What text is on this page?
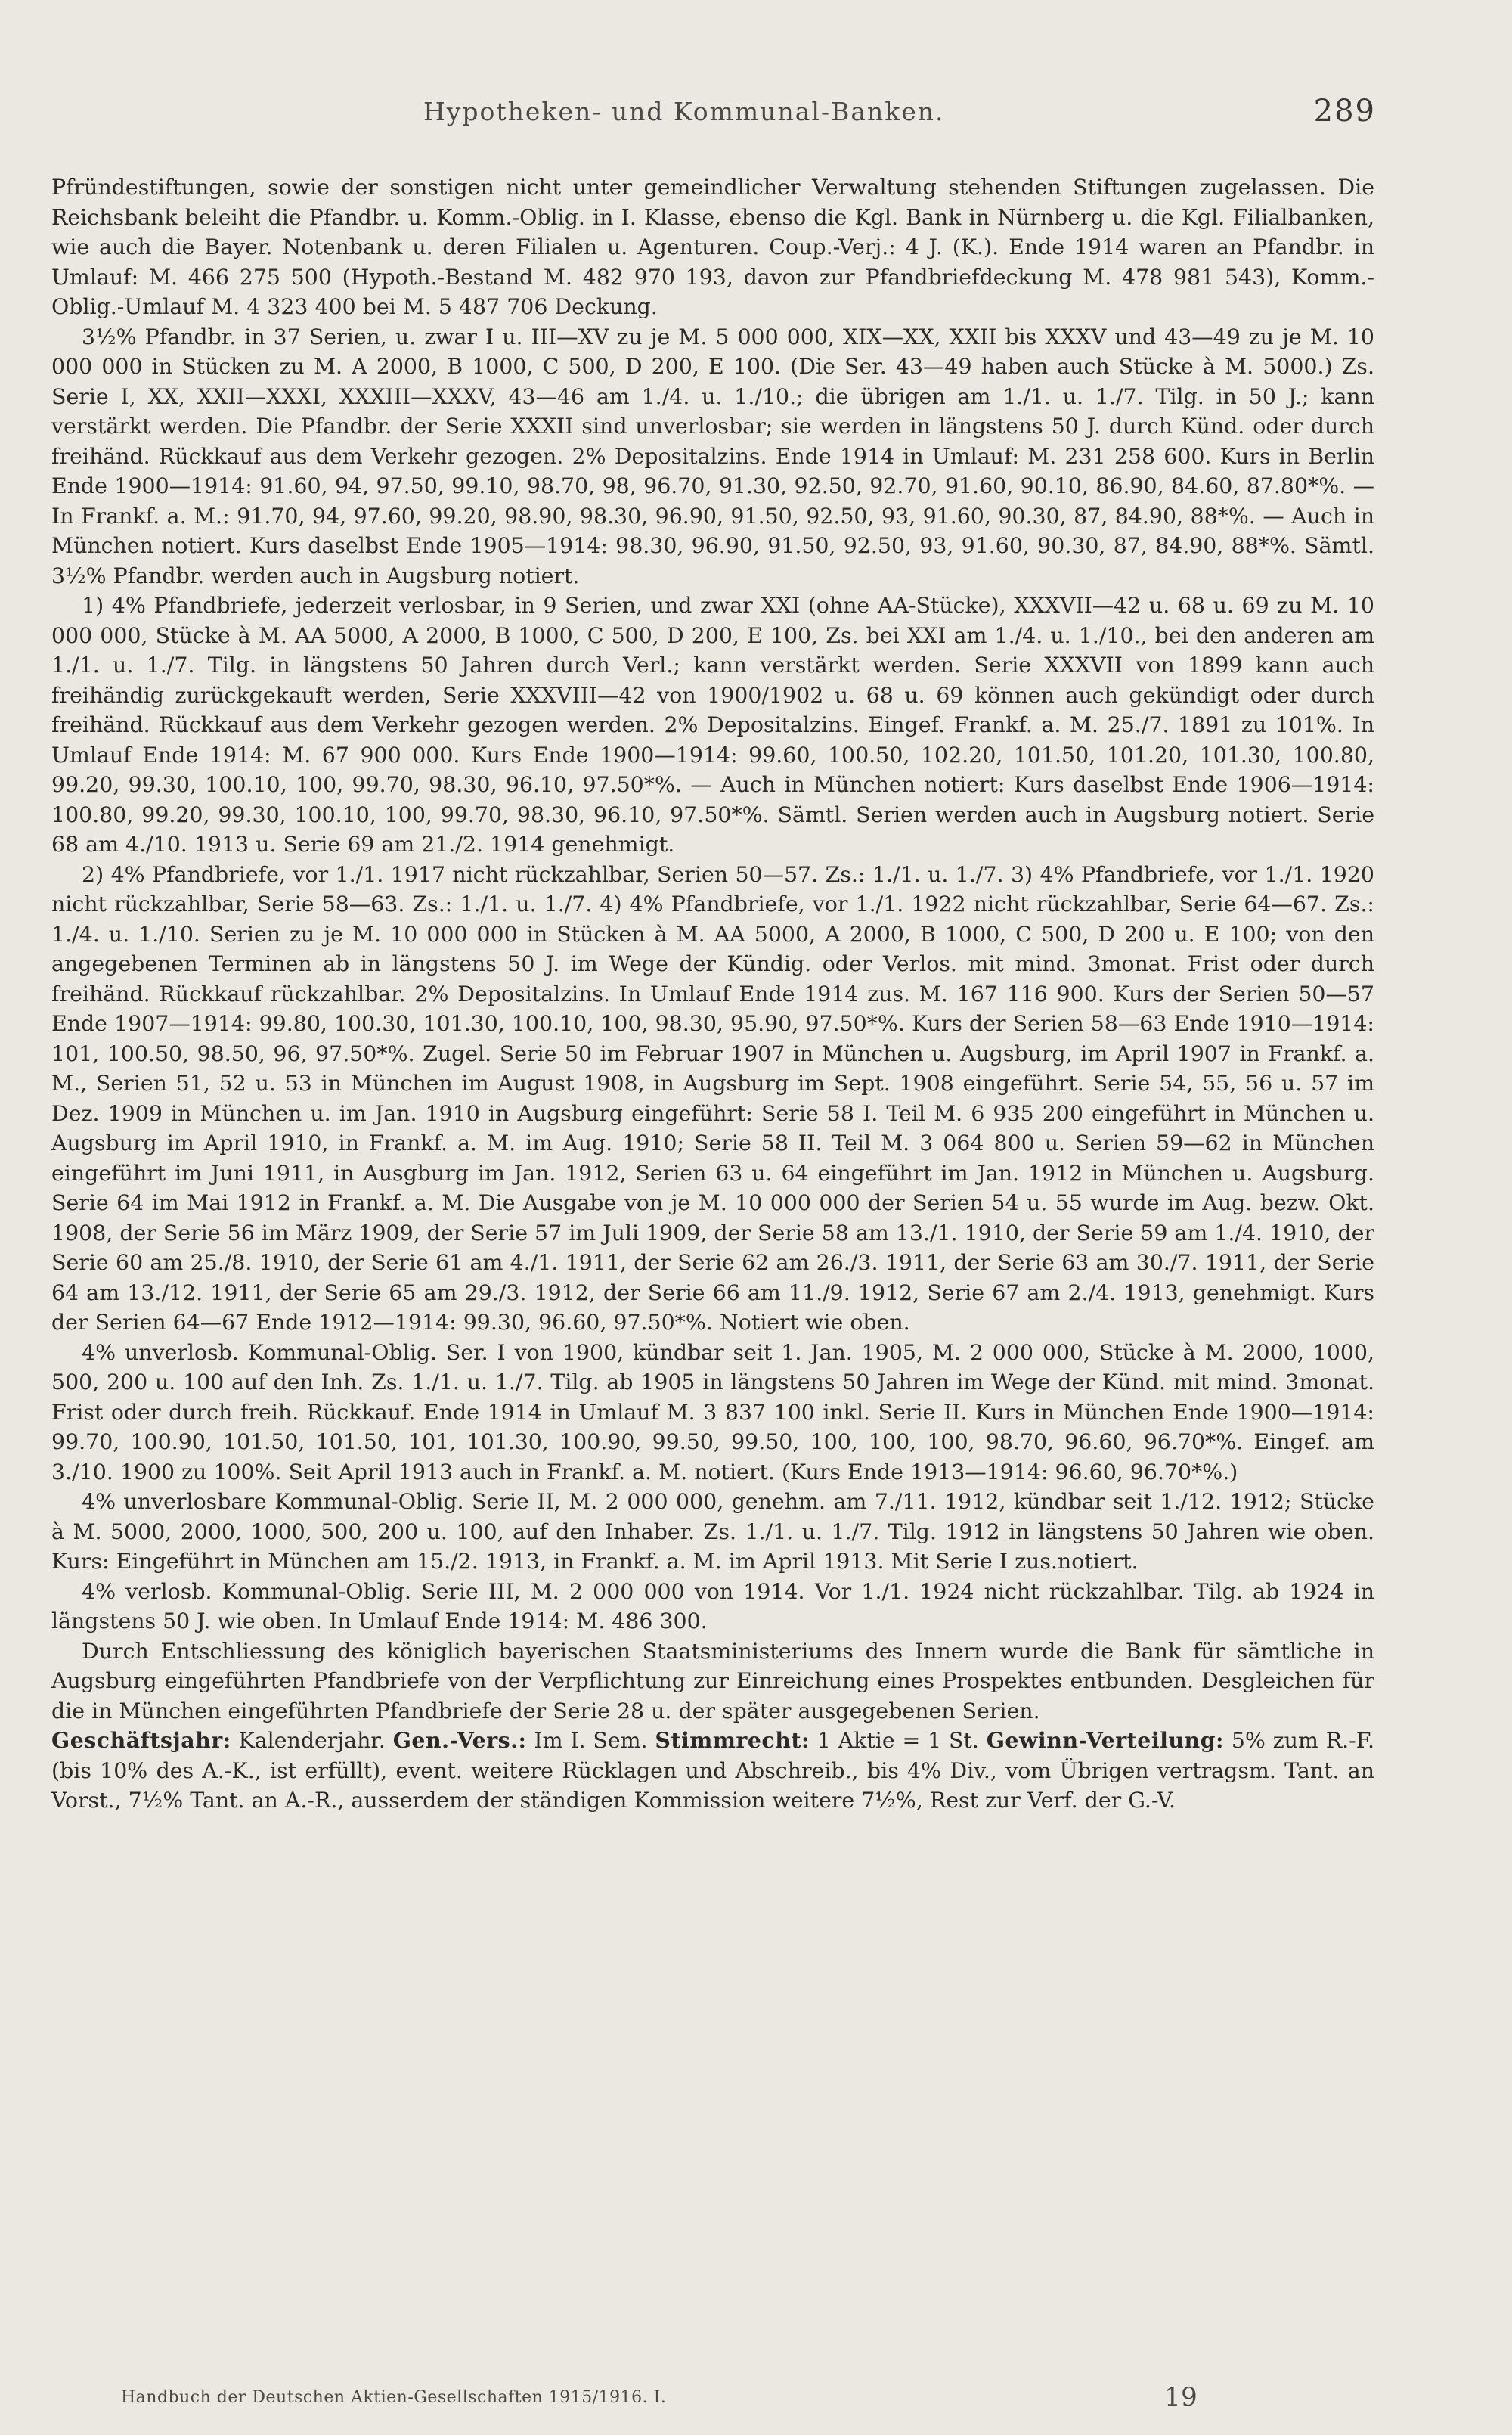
Hypotheken- und Kommunal-Banken.	289

Pfründestiftungen, sowie der sonstigen nicht unter gemeindlicher Verwaltung stehenden Stiftungen zugelassen. Die Reichsbank beleiht die Pfandbr. u. Komm.-Oblig. in I. Klasse, ebenso die Kgl. Bank in Nürnberg u. die Kgl. Filialbanken, wie auch die Bayer. Notenbank u. deren Filialen u. Agenturen. Coup.-Verj.: 4 J. (K.). Ende 1914 waren an Pfandbr. in Umlauf: M. 466 275 500 (Hypoth.-Bestand M. 482 970 193, davon zur Pfandbriefdeckung M. 478 981 543), Komm.-Oblig.-Umlauf M. 4 323 400 bei M. 5 487 706 Deckung.

3½% Pfandbr. in 37 Serien, u. zwar I u. III—XV zu je M. 5 000 000, XIX—XX, XXII bis XXXV und 43—49 zu je M. 10 000 000 in Stücken zu M. A 2000, B 1000, C 500, D 200, E 100. (Die Ser. 43—49 haben auch Stücke à M. 5000.) Zs. Serie I, XX, XXII—XXXI, XXXIII—XXXV, 43—46 am 1./4. u. 1./10.; die übrigen am 1./1. u. 1./7. Tilg. in 50 J.; kann verstärkt werden. Die Pfandbr. der Serie XXXII sind unverlosbar; sie werden in längstens 50 J. durch Künd. oder durch freihänd. Rückkauf aus dem Verkehr gezogen. 2% Depositalzins. Ende 1914 in Umlauf: M. 231 258 600. Kurs in Berlin Ende 1900—1914: 91.60, 94, 97.50, 99.10, 98.70, 98, 96.70, 91.30, 92.50, 92.70, 91.60, 90.10, 86.90, 84.60, 87.80*%. — In Frankf. a. M.: 91.70, 94, 97.60, 99.20, 98.90, 98.30, 96.90, 91.50, 92.50, 93, 91.60, 90.30, 87, 84.90, 88*%. — Auch in München notiert. Kurs daselbst Ende 1905—1914: 98.30, 96.90, 91.50, 92.50, 93, 91.60, 90.30, 87, 84.90, 88*%. Sämtl. 3½% Pfandbr. werden auch in Augsburg notiert.

1) 4% Pfandbriefe, jederzeit verlosbar, in 9 Serien, und zwar XXI (ohne AA-Stücke), XXXVII—42 u. 68 u. 69 zu M. 10 000 000, Stücke à M. AA 5000, A 2000, B 1000, C 500, D 200, E 100, Zs. bei XXI am 1./4. u. 1./10., bei den anderen am 1./1. u. 1./7. Tilg. in längstens 50 Jahren durch Verl.; kann verstärkt werden. Serie XXXVII von 1899 kann auch freihändig zurückgekauft werden, Serie XXXVIII—42 von 1900/1902 u. 68 u. 69 können auch gekündigt oder durch freihänd. Rückkauf aus dem Verkehr gezogen werden. 2% Depositalzins. Eingef. Frankf. a. M. 25./7. 1891 zu 101%. In Umlauf Ende 1914: M. 67 900 000. Kurs Ende 1900—1914: 99.60, 100.50, 102.20, 101.50, 101.20, 101.30, 100.80, 99.20, 99.30, 100.10, 100, 99.70, 98.30, 96.10, 97.50*%. — Auch in München notiert: Kurs daselbst Ende 1906—1914: 100.80, 99.20, 99.30, 100.10, 100, 99.70, 98.30, 96.10, 97.50*%. Sämtl. Serien werden auch in Augsburg notiert. Serie 68 am 4./10. 1913 u. Serie 69 am 21./2. 1914 genehmigt.

2) 4% Pfandbriefe, vor 1./1. 1917 nicht rückzahlbar, Serien 50—57. Zs.: 1./1. u. 1./7. 3) 4% Pfandbriefe, vor 1./1. 1920 nicht rückzahlbar, Serie 58—63. Zs.: 1./1. u. 1./7. 4) 4% Pfandbriefe, vor 1./1. 1922 nicht rückzahlbar, Serie 64—67. Zs.: 1./4. u. 1./10. Serien zu je M. 10 000 000 in Stücken à M. AA 5000, A 2000, B 1000, C 500, D 200 u. E 100; von den angegebenen Terminen ab in längstens 50 J. im Wege der Kündig. oder Verlos. mit mind. 3monat. Frist oder durch freihänd. Rückkauf rückzahlbar. 2% Depositalzins. In Umlauf Ende 1914 zus. M. 167 116 900. Kurs der Serien 50—57 Ende 1907—1914: 99.80, 100.30, 101.30, 100.10, 100, 98.30, 95.90, 97.50*%. Kurs der Serien 58—63 Ende 1910—1914: 101, 100.50, 98.50, 96, 97.50*%. Zugel. Serie 50 im Februar 1907 in München u. Augsburg, im April 1907 in Frankf. a. M., Serien 51, 52 u. 53 in München im August 1908, in Augsburg im Sept. 1908 eingeführt. Serie 54, 55, 56 u. 57 im Dez. 1909 in München u. im Jan. 1910 in Augsburg eingeführt: Serie 58 I. Teil M. 6 935 200 eingeführt in München u. Augsburg im April 1910, in Frankf. a. M. im Aug. 1910; Serie 58 II. Teil M. 3 064 800 u. Serien 59—62 in München eingeführt im Juni 1911, in Ausgburg im Jan. 1912, Serien 63 u. 64 eingeführt im Jan. 1912 in München u. Augsburg. Serie 64 im Mai 1912 in Frankf. a. M. Die Ausgabe von je M. 10 000 000 der Serien 54 u. 55 wurde im Aug. bezw. Okt. 1908, der Serie 56 im März 1909, der Serie 57 im Juli 1909, der Serie 58 am 13./1. 1910, der Serie 59 am 1./4. 1910, der Serie 60 am 25./8. 1910, der Serie 61 am 4./1. 1911, der Serie 62 am 26./3. 1911, der Serie 63 am 30./7. 1911, der Serie 64 am 13./12. 1911, der Serie 65 am 29./3. 1912, der Serie 66 am 11./9. 1912, Serie 67 am 2./4. 1913, genehmigt. Kurs der Serien 64—67 Ende 1912—1914: 99.30, 96.60, 97.50*%. Notiert wie oben.

4% unverlosb. Kommunal-Oblig. Ser. I von 1900, kündbar seit 1. Jan. 1905, M. 2 000 000, Stücke à M. 2000, 1000, 500, 200 u. 100 auf den Inh. Zs. 1./1. u. 1./7. Tilg. ab 1905 in längstens 50 Jahren im Wege der Künd. mit mind. 3monat. Frist oder durch freih. Rückkauf. Ende 1914 in Umlauf M. 3 837 100 inkl. Serie II. Kurs in München Ende 1900—1914: 99.70, 100.90, 101.50, 101.50, 101, 101.30, 100.90, 99.50, 99.50, 100, 100, 100, 98.70, 96.60, 96.70*%. Eingef. am 3./10. 1900 zu 100%. Seit April 1913 auch in Frankf. a. M. notiert. (Kurs Ende 1913—1914: 96.60, 96.70*%.)

4% unverlosbare Kommunal-Oblig. Serie II, M. 2 000 000, genehm. am 7./11. 1912, kündbar seit 1./12. 1912; Stücke à M. 5000, 2000, 1000, 500, 200 u. 100, auf den Inhaber. Zs. 1./1. u. 1./7. Tilg. 1912 in längstens 50 Jahren wie oben. Kurs: Eingeführt in München am 15./2. 1913, in Frankf. a. M. im April 1913. Mit Serie I zus.notiert.

4% verlosb. Kommunal-Oblig. Serie III, M. 2 000 000 von 1914. Vor 1./1. 1924 nicht rückzahlbar. Tilg. ab 1924 in längstens 50 J. wie oben. In Umlauf Ende 1914: M. 486 300.

Durch Entschliessung des königlich bayerischen Staatsministeriums des Innern wurde die Bank für sämtliche in Augsburg eingeführten Pfandbriefe von der Verpflichtung zur Einreichung eines Prospektes entbunden. Desgleichen für die in München eingeführten Pfandbriefe der Serie 28 u. der später ausgegebenen Serien.

Geschäftsjahr: Kalenderjahr. Gen.-Vers.: Im I. Sem. Stimmrecht: 1 Aktie = 1 St. Gewinn-Verteilung: 5% zum R.-F. (bis 10% des A.-K., ist erfüllt), event. weitere Rücklagen und Abschreib., bis 4% Div., vom Übrigen vertragsm. Tant. an Vorst., 7½% Tant. an A.-R., ausserdem der ständigen Kommission weitere 7½%, Rest zur Verf. der G.-V.

Handbuch der Deutschen Aktien-Gesellschaften 1915/1916. I.	19
